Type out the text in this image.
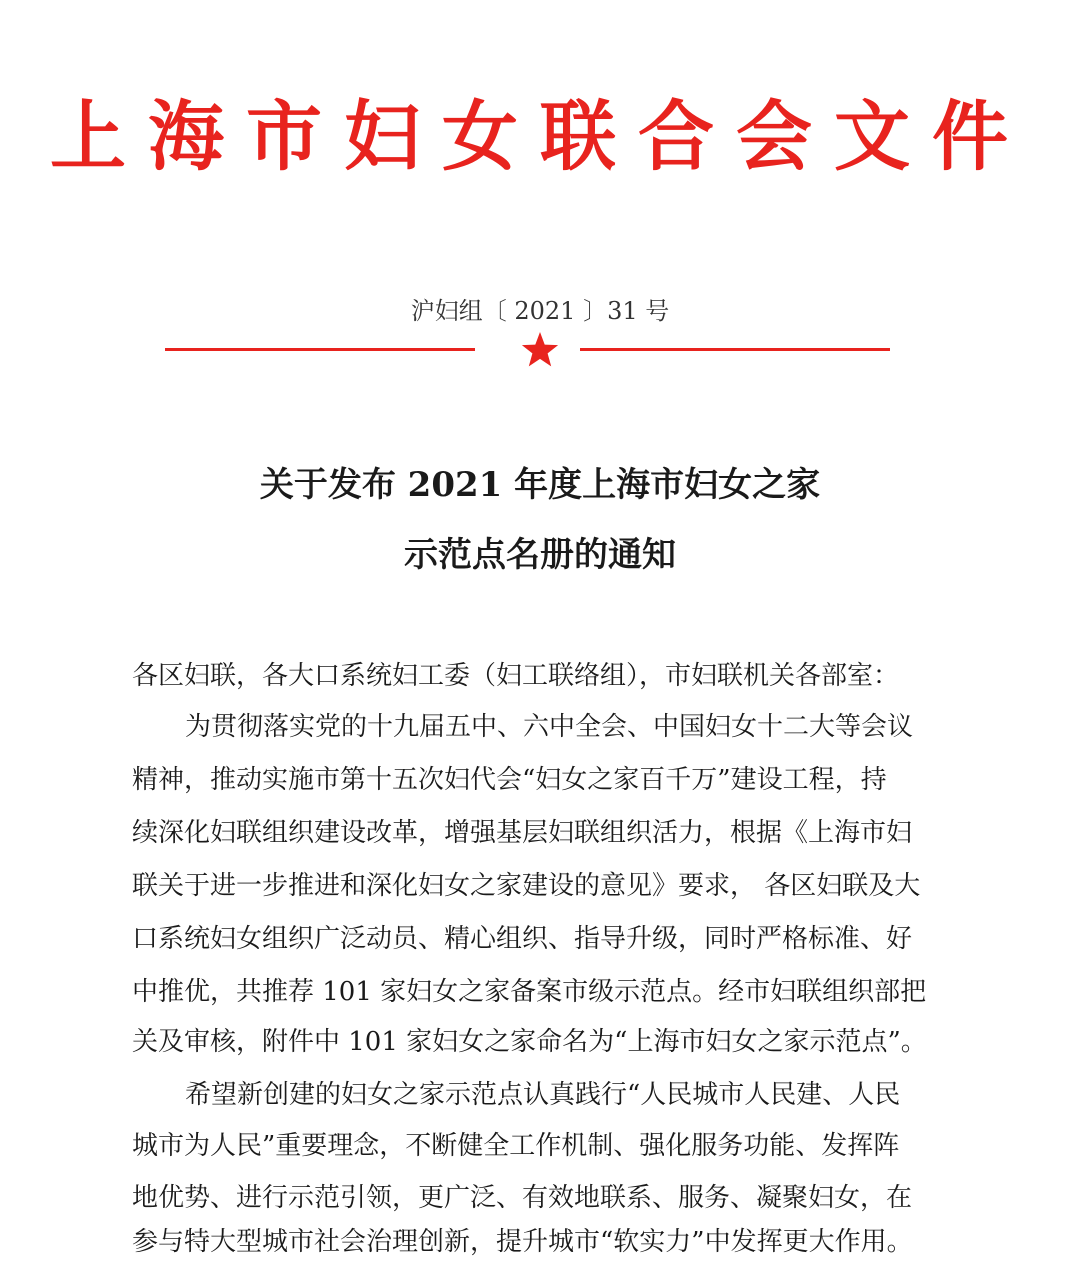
上海市妇女联合会文件
沪妇组〔 2021 〕31 号
关于发布 2021 年度上海市妇女之家
示范点名册的通知
各区妇联，各大口系统妇工委（妇工联络组），市妇联机关各部室：
为贯彻落实党的十九届五中、六中全会、中国妇女十二大等会议
精神，推动实施市第十五次妇代会“妇女之家百千万”建设工程，持
续深化妇联组织建设改革，增强基层妇联组织活力，根据《上海市妇
联关于进一步推进和深化妇女之家建设的意见》要求， 各区妇联及大
口系统妇女组织广泛动员、精心组织、指导升级，同时严格标准、好
中推优，共推荐 101 家妇女之家备案市级示范点。经市妇联组织部把
关及审核，附件中 101 家妇女之家命名为“上海市妇女之家示范点”。
希望新创建的妇女之家示范点认真践行“人民城市人民建、人民
城市为人民”重要理念，不断健全工作机制、强化服务功能、发挥阵
地优势、进行示范引领，更广泛、有效地联系、服务、凝聚妇女，在
参与特大型城市社会治理创新，提升城市“软实力”中发挥更大作用。
